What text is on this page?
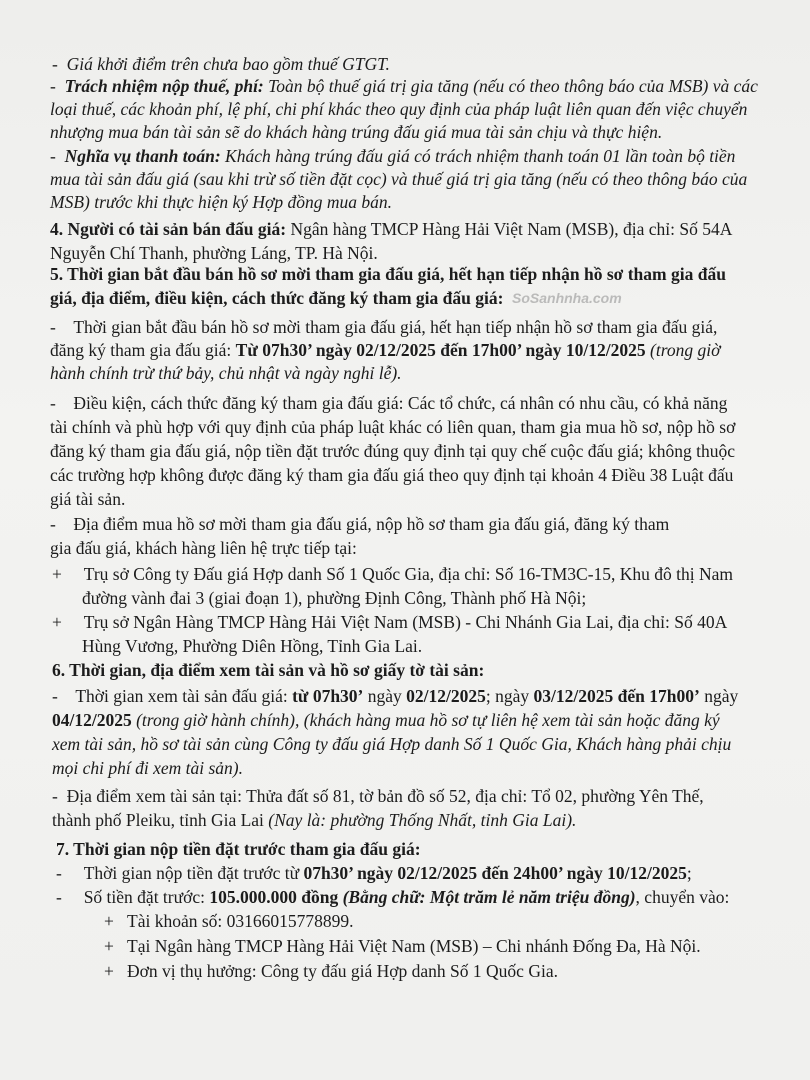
- Giá khởi điểm trên chưa bao gồm thuế GTGT.
- Trách nhiệm nộp thuế, phí: Toàn bộ thuế giá trị gia tăng (nếu có theo thông báo của MSB) và các
loại thuế, các khoản phí, lệ phí, chi phí khác theo quy định của pháp luật liên quan đến việc chuyển
nhượng mua bán tài sản sẽ do khách hàng trúng đấu giá mua tài sản chịu và thực hiện.
- Nghĩa vụ thanh toán: Khách hàng trúng đấu giá có trách nhiệm thanh toán 01 lần toàn bộ tiền
mua tài sản đấu giá (sau khi trừ số tiền đặt cọc) và thuế giá trị gia tăng (nếu có theo thông báo của
MSB) trước khi thực hiện ký Hợp đồng mua bán.
4. Người có tài sản bán đấu giá: Ngân hàng TMCP Hàng Hải Việt Nam (MSB), địa chỉ: Số 54A
Nguyễn Chí Thanh, phường Láng, TP. Hà Nội.
5. Thời gian bắt đầu bán hồ sơ mời tham gia đấu giá, hết hạn tiếp nhận hồ sơ tham gia đấu
giá, địa điểm, điều kiện, cách thức đăng ký tham gia đấu giá: SoSanhnha.com
- Thời gian bắt đầu bán hồ sơ mời tham gia đấu giá, hết hạn tiếp nhận hồ sơ tham gia đấu giá,
đăng ký tham gia đấu giá: Từ 07h30’ ngày 02/12/2025 đến 17h00’ ngày 10/12/2025 (trong giờ
hành chính trừ thứ bảy, chủ nhật và ngày nghỉ lễ).
- Điều kiện, cách thức đăng ký tham gia đấu giá: Các tổ chức, cá nhân có nhu cầu, có khả năng
tài chính và phù hợp với quy định của pháp luật khác có liên quan, tham gia mua hồ sơ, nộp hồ sơ
đăng ký tham gia đấu giá, nộp tiền đặt trước đúng quy định tại quy chế cuộc đấu giá; không thuộc
các trường hợp không được đăng ký tham gia đấu giá theo quy định tại khoản 4 Điều 38 Luật đấu
giá tài sản.
- Địa điểm mua hồ sơ mời tham gia đấu giá, nộp hồ sơ tham gia đấu giá, đăng ký tham
gia đấu giá, khách hàng liên hệ trực tiếp tại:
+ Trụ sở Công ty Đấu giá Hợp danh Số 1 Quốc Gia, địa chỉ: Số 16-TM3C-15, Khu đô thị Nam
đường vành đai 3 (giai đoạn 1), phường Định Công, Thành phố Hà Nội;
+ Trụ sở Ngân Hàng TMCP Hàng Hải Việt Nam (MSB) - Chi Nhánh Gia Lai, địa chỉ: Số 40A
Hùng Vương, Phường Diên Hồng, Tỉnh Gia Lai.
6. Thời gian, địa điểm xem tài sản và hồ sơ giấy tờ tài sản:
- Thời gian xem tài sản đấu giá: từ 07h30’ ngày 02/12/2025; ngày 03/12/2025 đến 17h00’ ngày
04/12/2025 (trong giờ hành chính), (khách hàng mua hồ sơ tự liên hệ xem tài sản hoặc đăng ký
xem tài sản, hồ sơ tài sản cùng Công ty đấu giá Hợp danh Số 1 Quốc Gia, Khách hàng phải chịu
mọi chi phí đi xem tài sản).
- Địa điểm xem tài sản tại: Thửa đất số 81, tờ bản đồ số 52, địa chỉ: Tổ 02, phường Yên Thế,
thành phố Pleiku, tỉnh Gia Lai (Nay là: phường Thống Nhất, tỉnh Gia Lai).
7. Thời gian nộp tiền đặt trước tham gia đấu giá:
- Thời gian nộp tiền đặt trước từ 07h30’ ngày 02/12/2025 đến 24h00’ ngày 10/12/2025;
- Số tiền đặt trước: 105.000.000 đồng (Bằng chữ: Một trăm lẻ năm triệu đồng), chuyển vào:
+ Tài khoản số: 03166015778899.
+ Tại Ngân hàng TMCP Hàng Hải Việt Nam (MSB) – Chi nhánh Đống Đa, Hà Nội.
+ Đơn vị thụ hưởng: Công ty đấu giá Hợp danh Số 1 Quốc Gia.
